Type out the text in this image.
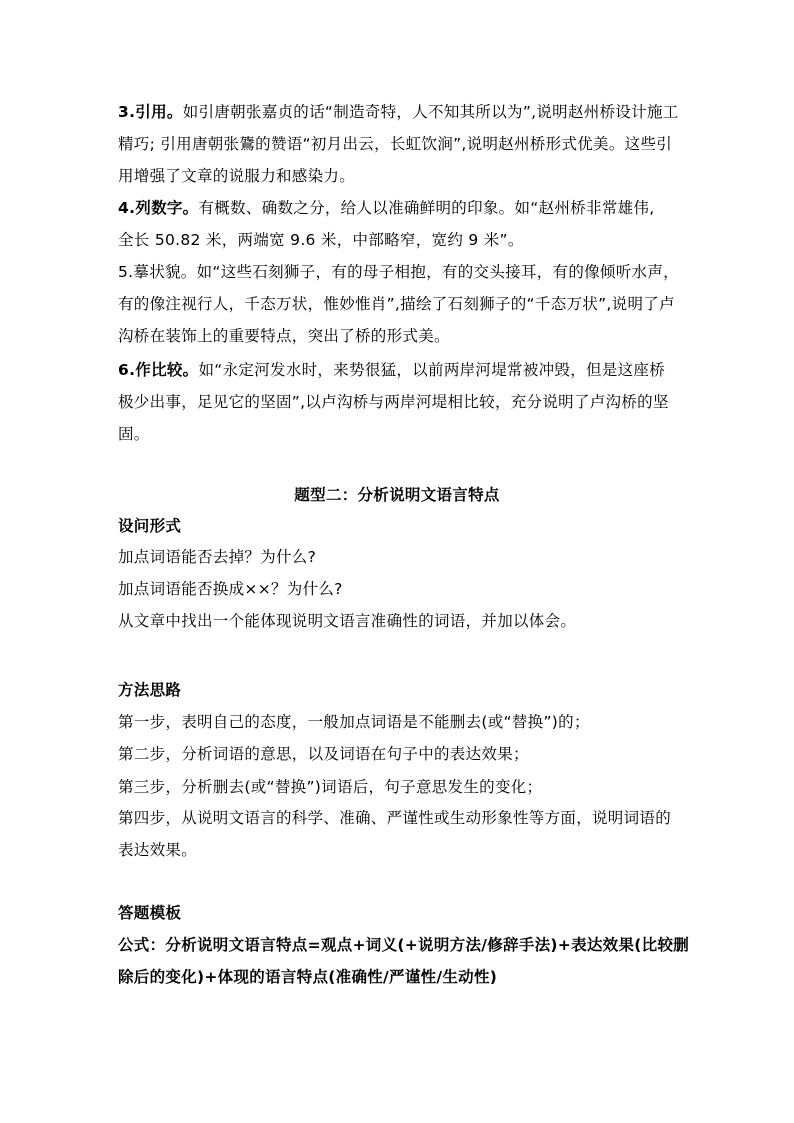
3.引用。如引唐朝张嘉贞的话“制造奇特，人不知其所以为”,说明赵州桥设计施工
精巧; 引用唐朝张鷟的赞语“初月出云，长虹饮涧”,说明赵州桥形式优美。这些引
用增强了文章的说服力和感染力。
4.列数字。有概数、确数之分，给人以准确鲜明的印象。如“赵州桥非常雄伟,
全长 50.82 米，两端宽 9.6 米，中部略窄，宽约 9 米”。
5.摹状貌。如“这些石刻狮子，有的母子相抱，有的交头接耳，有的像倾听水声，
有的像注视行人，千态万状，惟妙惟肖”,描绘了石刻狮子的“千态万状”,说明了卢
沟桥在装饰上的重要特点，突出了桥的形式美。
6.作比较。如“永定河发水时，来势很猛，以前两岸河堤常被冲毁，但是这座桥
极少出事，足见它的坚固”,以卢沟桥与两岸河堤相比较，充分说明了卢沟桥的坚
固。
题型二：分析说明文语言特点
设问形式
加点词语能否去掉？为什么?
加点词语能否换成××？为什么?
从文章中找出一个能体现说明文语言准确性的词语，并加以体会。
方法思路
第一步，表明自己的态度，一般加点词语是不能删去(或“替换”)的；
第二步，分析词语的意思，以及词语在句子中的表达效果；
第三步，分析删去(或“替换”)词语后，句子意思发生的变化；
第四步，从说明文语言的科学、准确、严谨性或生动形象性等方面，说明词语的
表达效果。
答题模板
公式：分析说明文语言特点=观点+词义(+说明方法/修辞手法)+表达效果(比较删
除后的变化)+体现的语言特点(准确性/严谨性/生动性)
